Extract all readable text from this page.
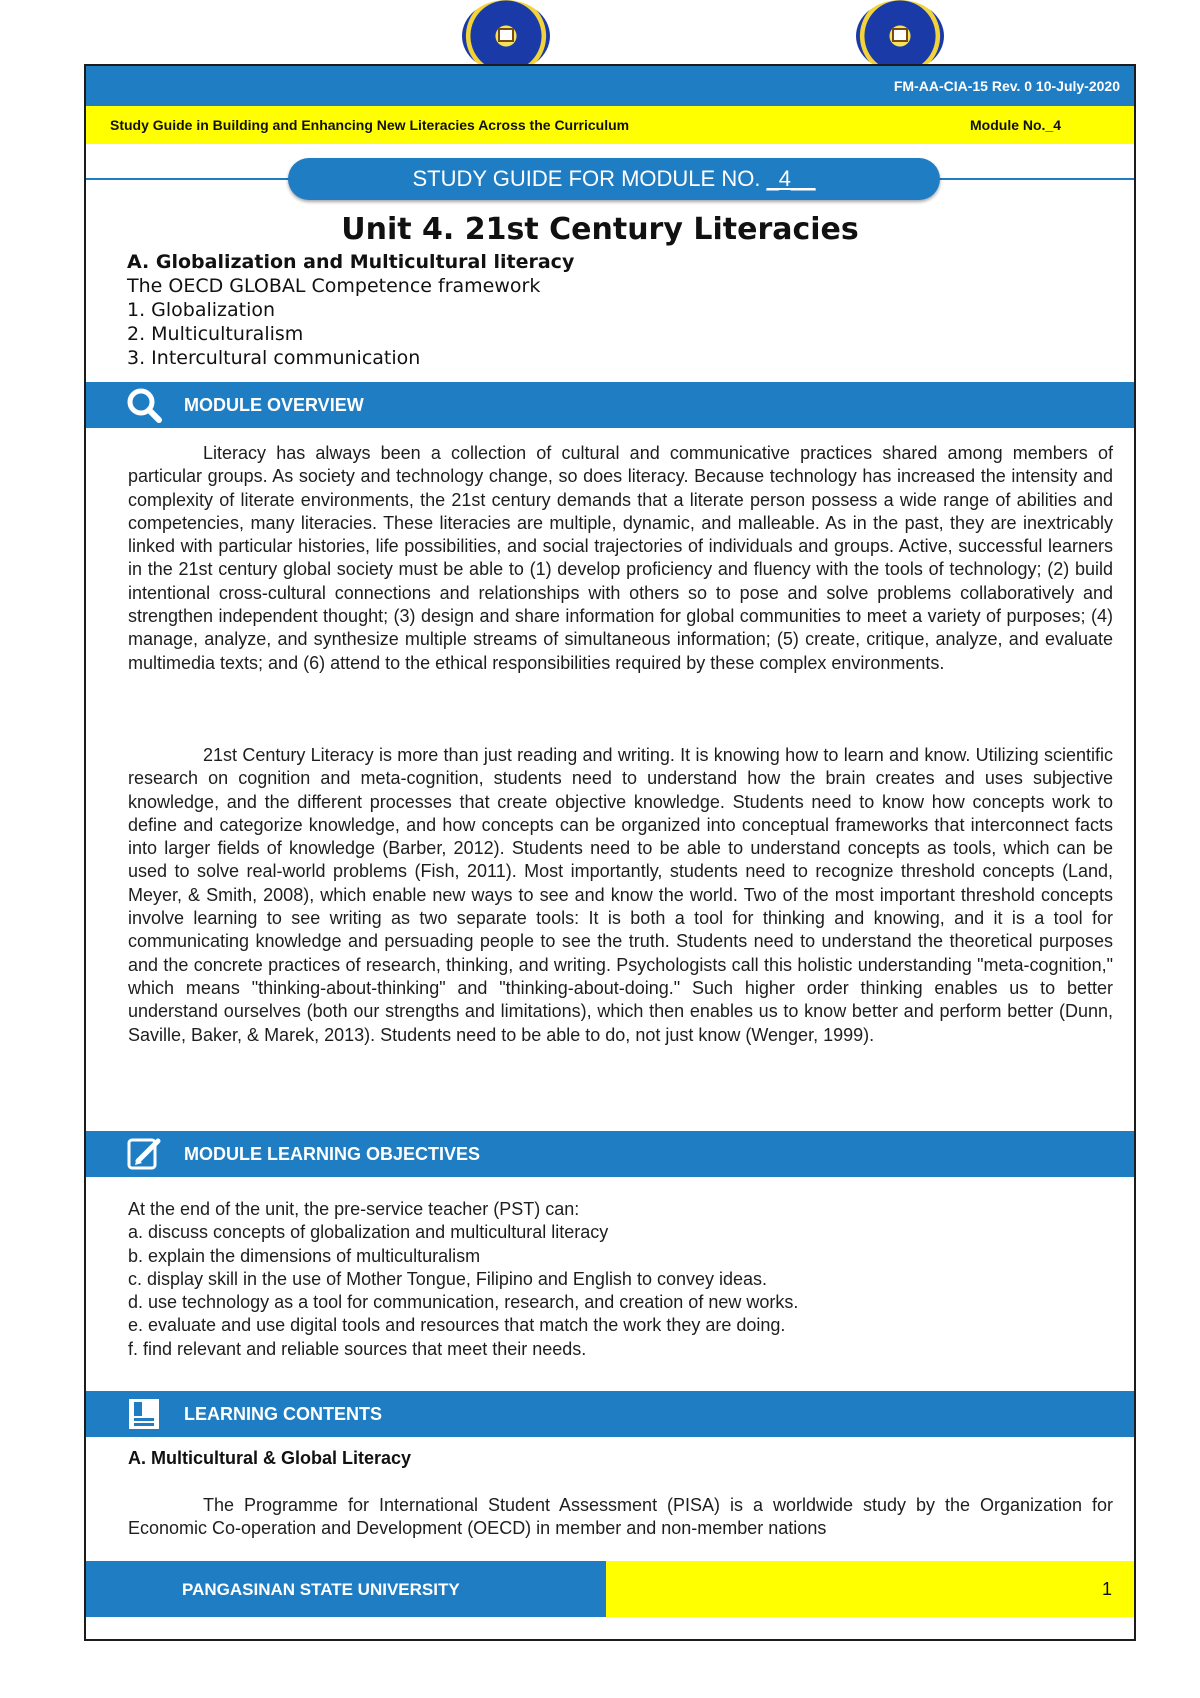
FM-AA-CIA-15 Rev. 0 10-July-2020
Study Guide in Building and Enhancing New Literacies Across the Curriculum	Module No._4
STUDY GUIDE FOR MODULE NO. _4__
Unit 4. 21st Century Literacies
A. Globalization and Multicultural literacy
The OECD GLOBAL Competence framework
1. Globalization
2. Multiculturalism
3. Intercultural communication
MODULE OVERVIEW

Literacy has always been a collection of cultural and communicative practices shared among members of particular groups. As society and technology change, so does literacy. Because technology has increased the intensity and complexity of literate environments, the 21st century demands that a literate person possess a wide range of abilities and competencies, many literacies. These literacies are multiple, dynamic, and malleable. As in the past, they are inextricably linked with particular histories, life possibilities, and social trajectories of individuals and groups. Active, successful learners in the 21st century global society must be able to (1) develop proficiency and fluency with the tools of technology; (2) build intentional cross-cultural connections and relationships with others so to pose and solve problems collaboratively and strengthen independent thought; (3) design and share information for global communities to meet a variety of purposes; (4) manage, analyze, and synthesize multiple streams of simultaneous information; (5) create, critique, analyze, and evaluate multimedia texts; and (6) attend to the ethical responsibilities required by these complex environments.

21st Century Literacy is more than just reading and writing. It is knowing how to learn and know. Utilizing scientific research on cognition and meta-cognition, students need to understand how the brain creates and uses subjective knowledge, and the different processes that create objective knowledge. Students need to know how concepts work to define and categorize knowledge, and how concepts can be organized into conceptual frameworks that interconnect facts into larger fields of knowledge (Barber, 2012). Students need to be able to understand concepts as tools, which can be used to solve real-world problems (Fish, 2011). Most importantly, students need to recognize threshold concepts (Land, Meyer, & Smith, 2008), which enable new ways to see and know the world. Two of the most important threshold concepts involve learning to see writing as two separate tools: It is both a tool for thinking and knowing, and it is a tool for communicating knowledge and persuading people to see the truth. Students need to understand the theoretical purposes and the concrete practices of research, thinking, and writing. Psychologists call this holistic understanding "meta-cognition," which means "thinking-about-thinking" and "thinking-about-doing." Such higher order thinking enables us to better understand ourselves (both our strengths and limitations), which then enables us to know better and perform better (Dunn, Saville, Baker, & Marek, 2013). Students need to be able to do, not just know (Wenger, 1999).

MODULE LEARNING OBJECTIVES
At the end of the unit, the pre-service teacher (PST) can:
a. discuss concepts of globalization and multicultural literacy
b. explain the dimensions of multiculturalism
c. display skill in the use of Mother Tongue, Filipino and English to convey ideas.
d. use technology as a tool for communication, research, and creation of new works.
e. evaluate and use digital tools and resources that match the work they are doing.
f. find relevant and reliable sources that meet their needs.
LEARNING CONTENTS
A. Multicultural & Global Literacy

The Programme for International Student Assessment (PISA) is a worldwide study by the Organization for Economic Co-operation and Development (OECD) in member and non-member nations

PANGASINAN STATE UNIVERSITY	1
